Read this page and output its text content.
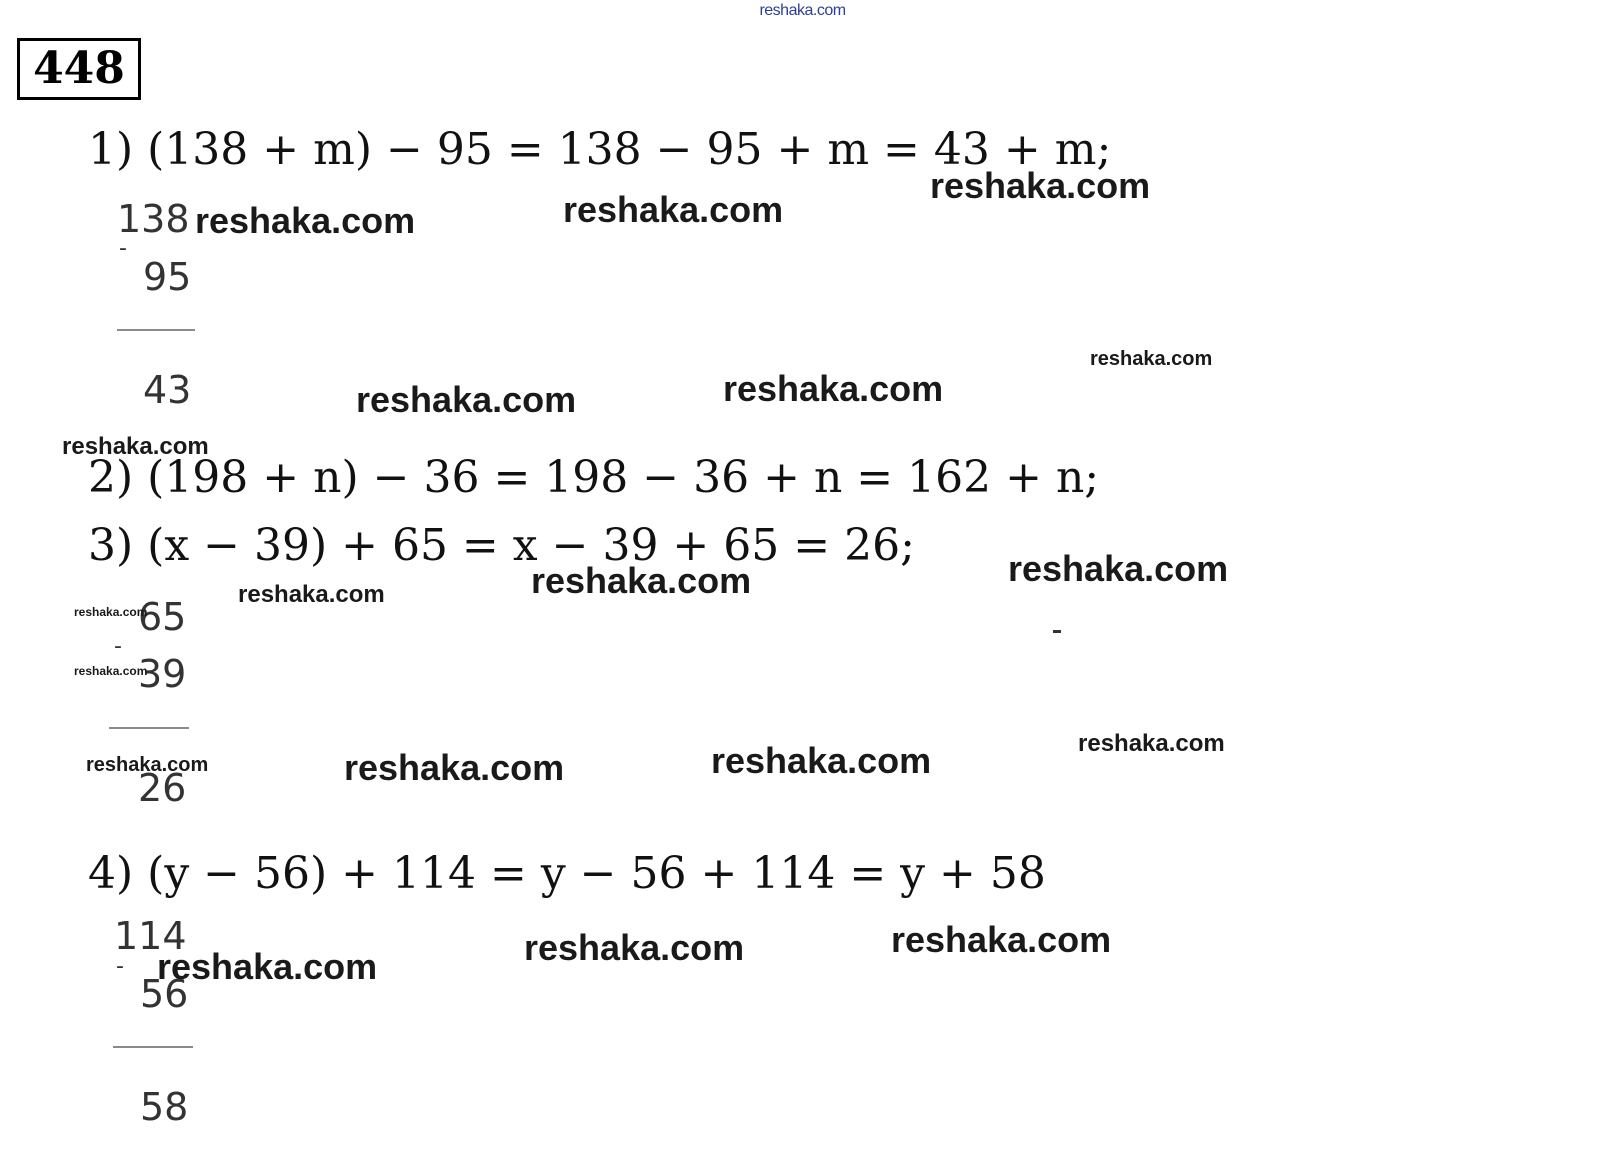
reshaka.com
448
1) (138 + m) − 95 = 138 − 95 + m = 43 + m;
2) (198 + n) − 36 = 198 − 36 + n = 162 + n;
3) (x − 39) + 65 = x − 39 + 65 = 26;
4) (y − 56) + 114 = y − 56 + 114 = y + 58
138
-
95
43
65
-
39
26
114
-
56
58
reshaka.com
reshaka.com
reshaka.com
reshaka.com
reshaka.com
reshaka.com
reshaka.com
reshaka.com
reshaka.com
reshaka.com
reshaka.com
reshaka.com
reshaka.com
reshaka.com
reshaka.com	reshaka.com
reshaka.com
reshaka.com
reshaka.com
